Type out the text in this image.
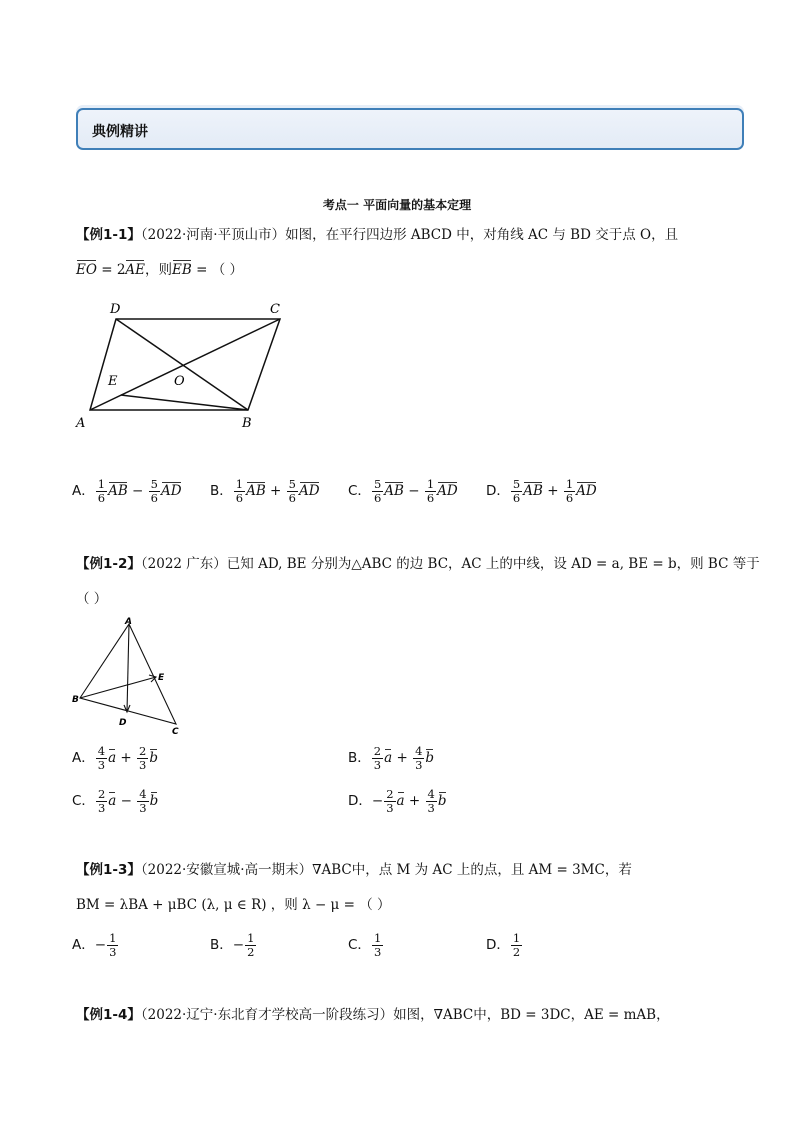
典例精讲
考点一 平面向量的基本定理
【例1-1】（2022·河南·平顶山市）如图，在平行四边形 ABCD 中，对角线 AC 与 BD 交于点 O，且
EO = 2AE，则EB = （ ）
A	B
C
D
E	O
A． $\frac{1}{6}$ AB − $\frac{5}{6}$ AD B． $\frac{1}{6}$ AB + $\frac{5}{6}$ AD C． $\frac{5}{6}$ AB − $\frac{1}{6}$ AD D． $\frac{5}{6}$ AB + $\frac{1}{6}$ AD
【例1-2】（2022 广东）已知 AD, BE 分别为△ABC 的边 BC，AC 上的中线，设 AD = a, BE = b，则 BC 等于
（ ）
A
B
C
D
E
A． $\frac{4}{3}$ $a + \frac{2}{3}$ b	B． $\frac{2}{3}$ $a + \frac{4}{3}$ b
C． $\frac{2}{3}$ $a - \frac{4}{3}$ b	D．− $\frac{2}{3}$ $a + \frac{4}{3}$ b
【例1-3】（2022·安徽宣城·高一期末）∇ABC中，点 M 为 AC 上的点，且 AM = 3MC，若
BM = λBA + μBC (λ, μ ∈ R) ，则 λ − μ = （ ）
A．− $\frac{1}{3}$	B．− $\frac{1}{2}$	C． $\frac{1}{3}$	D． $\frac{1}{2}$
【例1-4】（2022·辽宁·东北育才学校高一阶段练习）如图，∇ABC中，BD = 3DC，AE = mAB，
